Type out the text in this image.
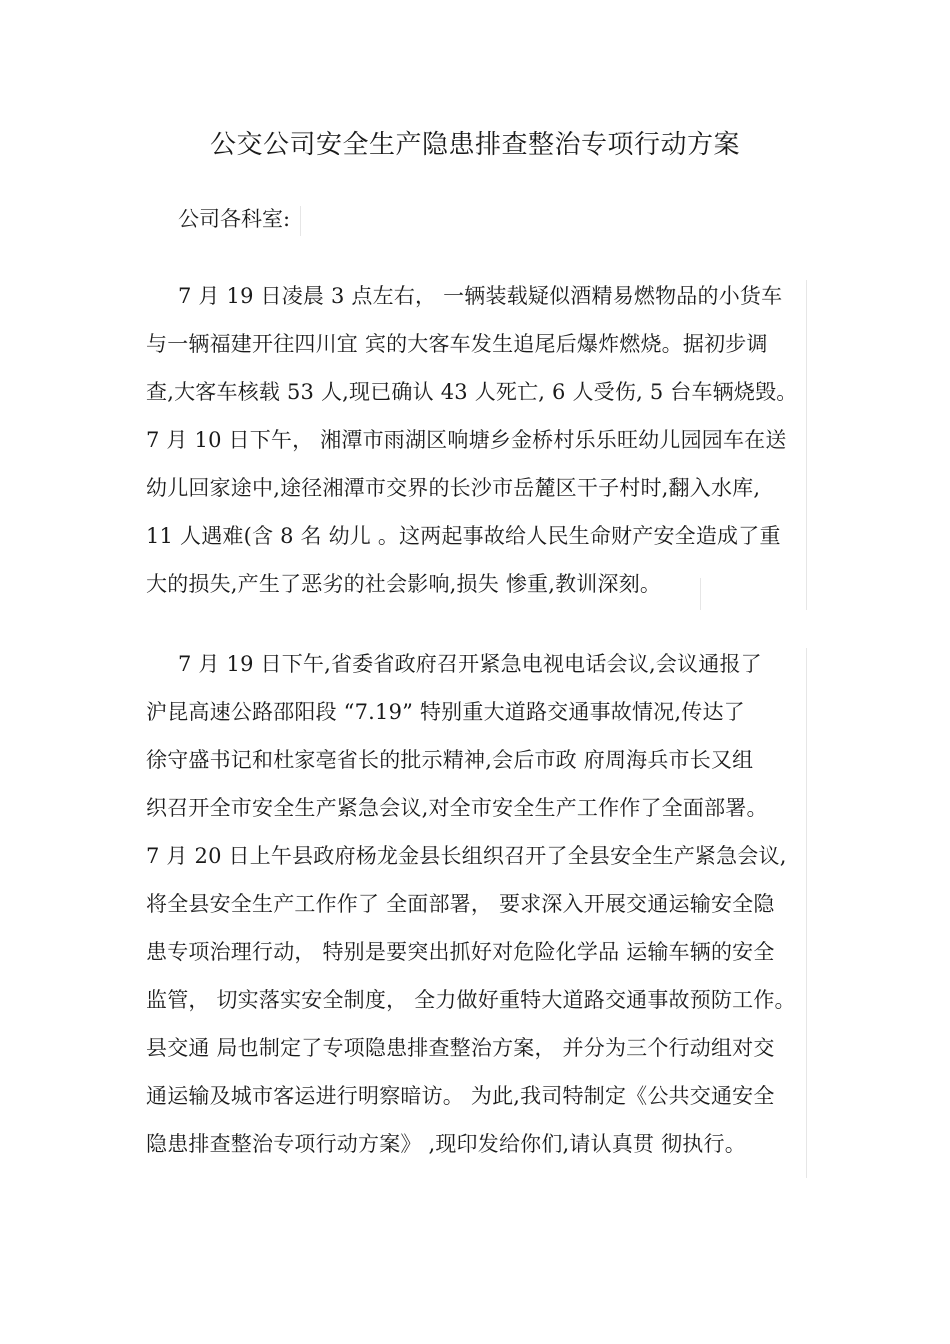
公交公司安全生产隐患排查整治专项行动方案
公司各科室:
7 月 19 日凌晨 3 点左右， 一辆装载疑似酒精易燃物品的小货车
与一辆福建开往四川宜 宾的大客车发生追尾后爆炸燃烧。据初步调
查,大客车核载 53 人,现已确认 43 人死亡, 6 人受伤, 5 台车辆烧毁。
7 月 10 日下午， 湘潭市雨湖区响塘乡金桥村乐乐旺幼儿园园车在送
幼儿回家途中,途径湘潭市交界的长沙市岳麓区干子村时,翻入水库,
11 人遇难(含 8 名 幼儿 。这两起事故给人民生命财产安全造成了重
大的损失,产生了恶劣的社会影响,损失 惨重,教训深刻。
7 月 19 日下午,省委省政府召开紧急电视电话会议,会议通报了
沪昆高速公路邵阳段 “7.19” 特别重大道路交通事故情况,传达了
徐守盛书记和杜家亳省长的批示精神,会后市政 府周海兵市长又组
织召开全市安全生产紧急会议,对全市安全生产工作作了全面部署。
7 月 20 日上午县政府杨龙金县长组织召开了全县安全生产紧急会议,
将全县安全生产工作作了 全面部署， 要求深入开展交通运输安全隐
患专项治理行动， 特别是要突出抓好对危险化学品 运输车辆的安全
监管， 切实落实安全制度， 全力做好重特大道路交通事故预防工作。
县交通 局也制定了专项隐患排查整治方案， 并分为三个行动组对交
通运输及城市客运进行明察暗访。 为此,我司特制定《公共交通安全
隐患排查整治专项行动方案》 ,现印发给你们,请认真贯 彻执行。
